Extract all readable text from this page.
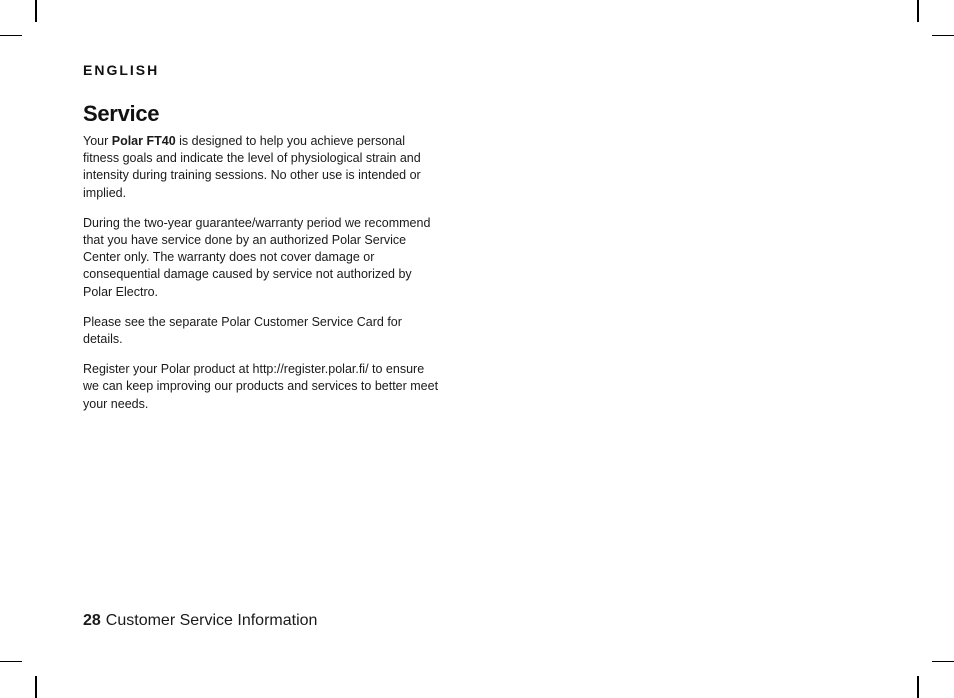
ENGLISH
Service

Your Polar FT40 is designed to help you achieve personal fitness goals and indicate the level of physiological strain and intensity during training sessions. No other use is intended or implied.

During the two-year guarantee/warranty period we recommend that you have service done by an authorized Polar Service Center only. The warranty does not cover damage or consequential damage caused by service not authorized by Polar Electro.

Please see the separate Polar Customer Service Card for details.

Register your Polar product at http://register.polar.fi/ to ensure we can keep improving our products and services to better meet your needs.

28 Customer Service Information
